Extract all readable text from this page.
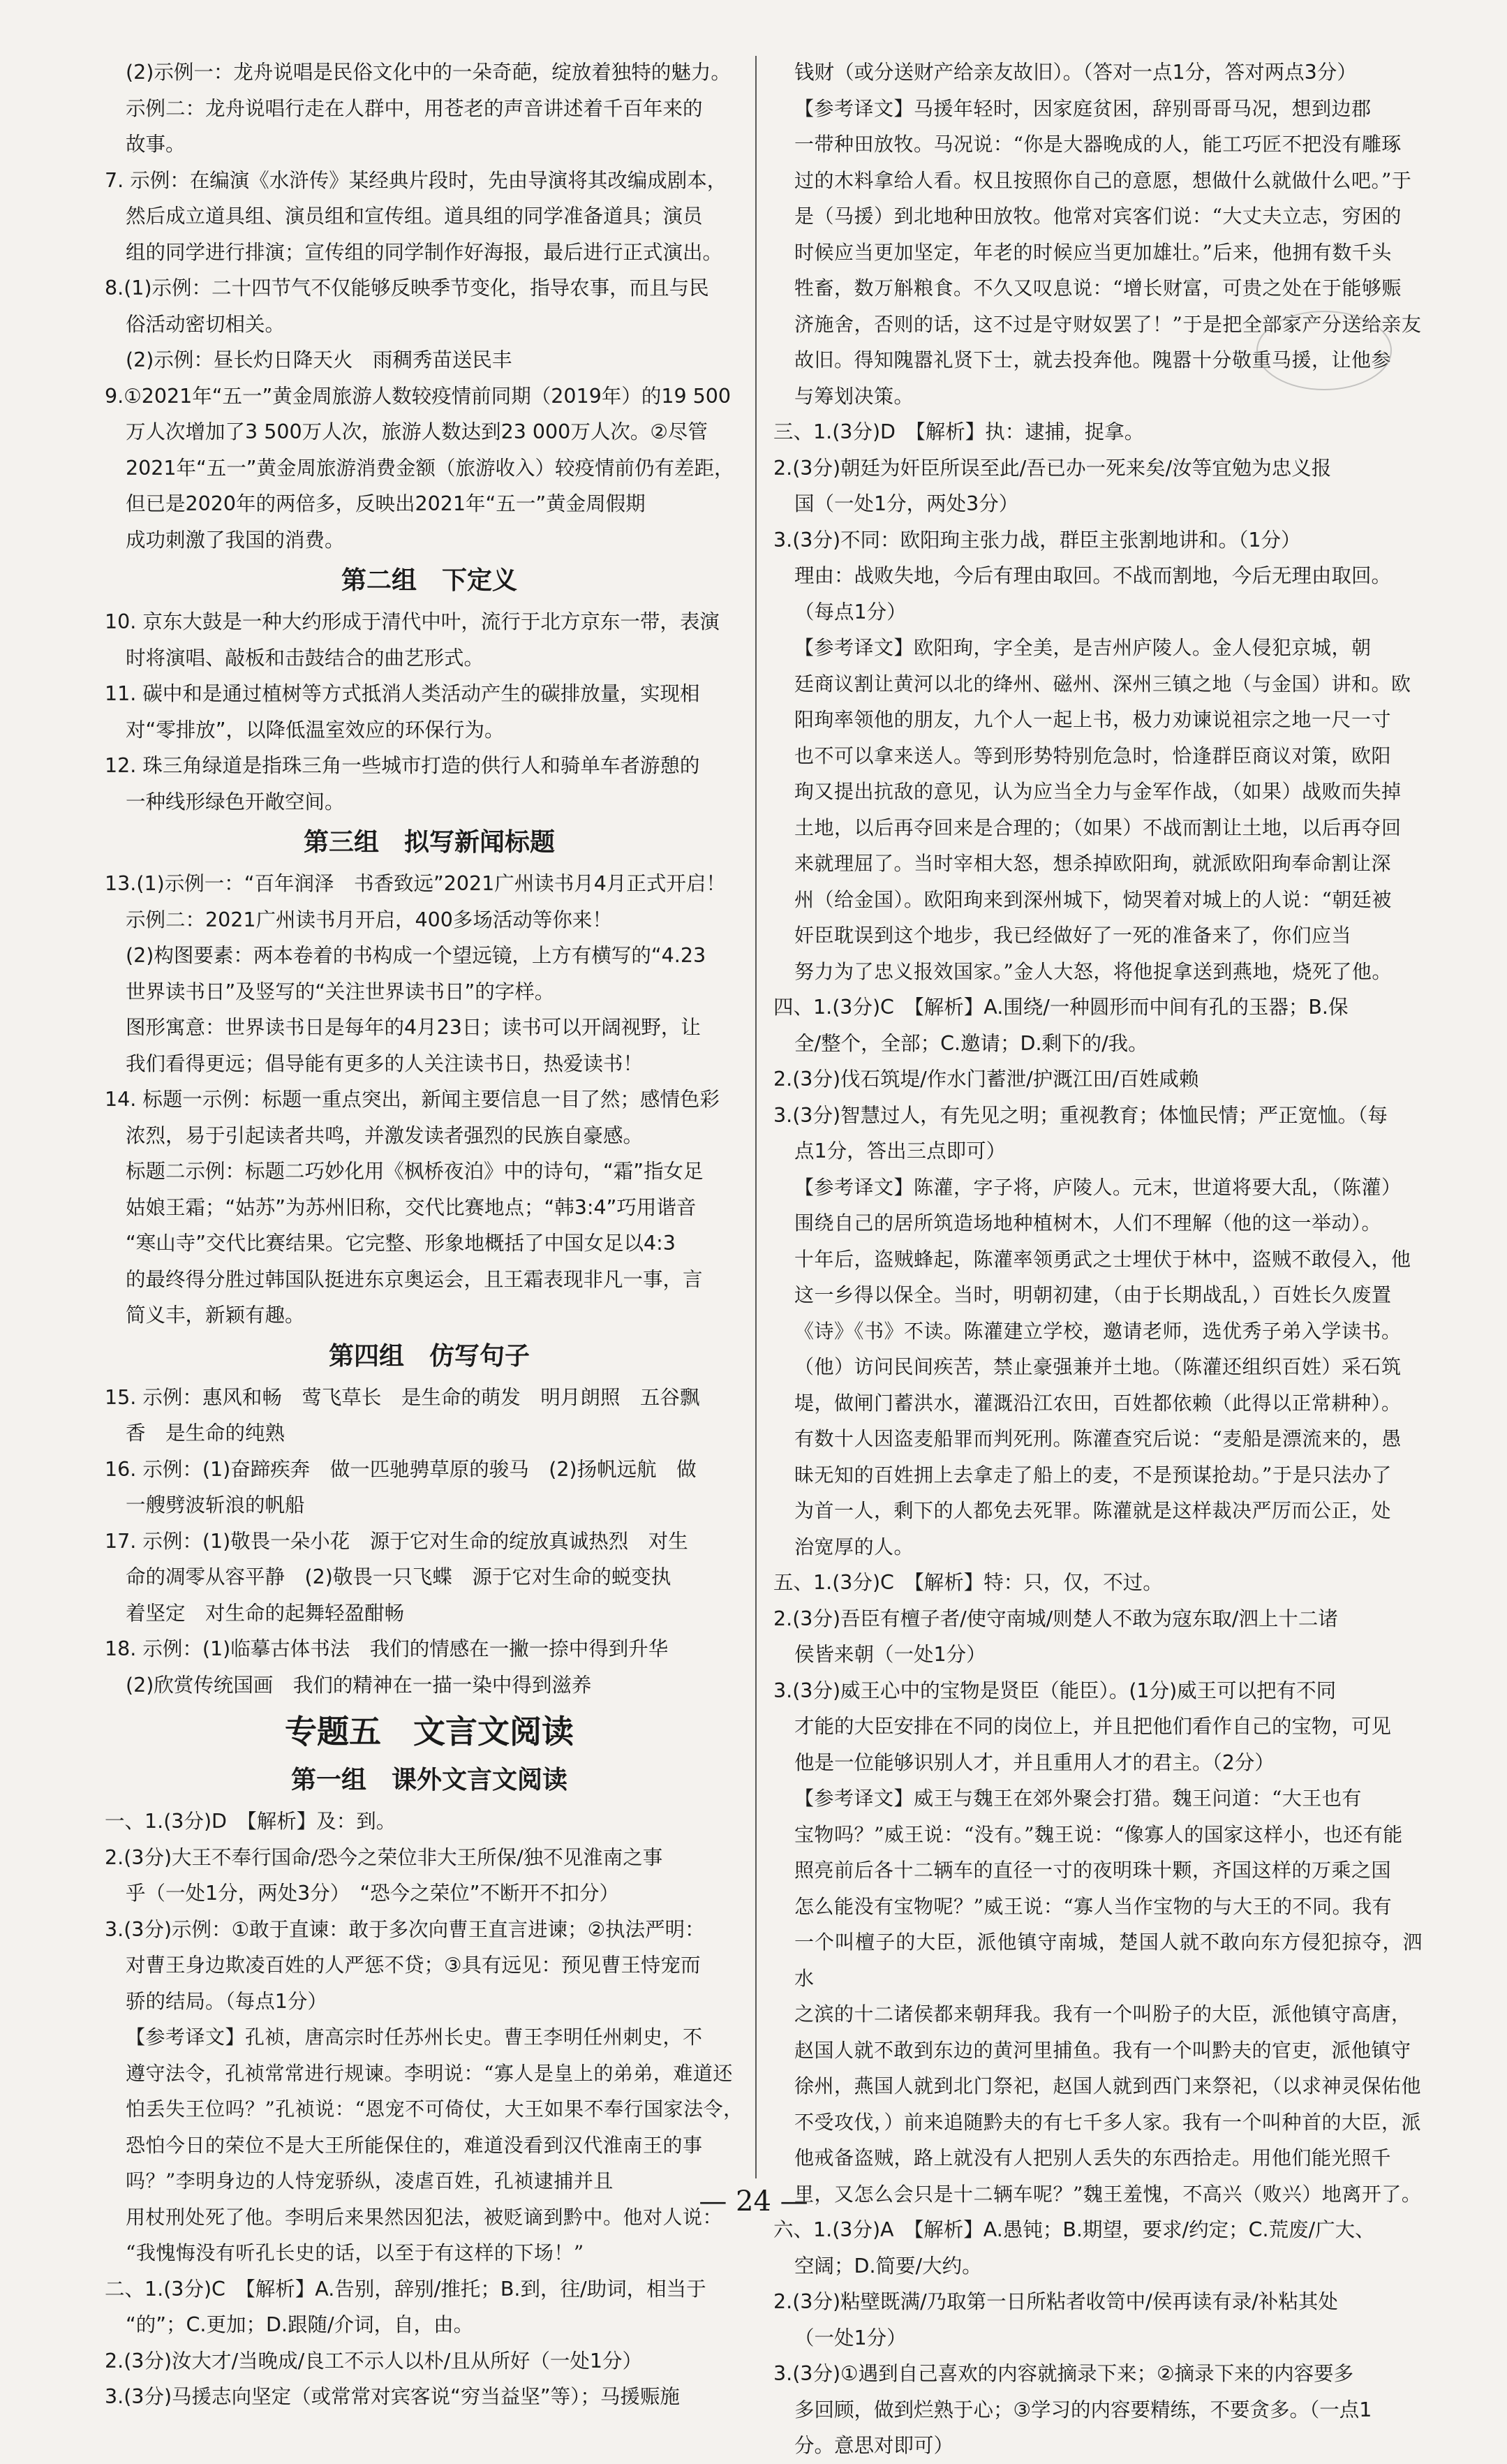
(2)示例一：龙舟说唱是民俗文化中的一朵奇葩，绽放着独特的魅力。

示例二：龙舟说唱行走在人群中，用苍老的声音讲述着千百年来的

故事。

7. 示例：在编演《水浒传》某经典片段时，先由导演将其改编成剧本，

然后成立道具组、演员组和宣传组。道具组的同学准备道具；演员

组的同学进行排演；宣传组的同学制作好海报，最后进行正式演出。

8.(1)示例：二十四节气不仅能够反映季节变化，指导农事，而且与民

俗活动密切相关。

(2)示例：昼长灼日降天火　雨稠秀苗送民丰

9.①2021年“五一”黄金周旅游人数较疫情前同期（2019年）的19 500

万人次增加了3 500万人次，旅游人数达到23 000万人次。②尽管

2021年“五一”黄金周旅游消费金额（旅游收入）较疫情前仍有差距，

但已是2020年的两倍多，反映出2021年“五一”黄金周假期

成功刺激了我国的消费。

第二组　下定义

10. 京东大鼓是一种大约形成于清代中叶，流行于北方京东一带，表演

时将演唱、敲板和击鼓结合的曲艺形式。

11. 碳中和是通过植树等方式抵消人类活动产生的碳排放量，实现相

对“零排放”，以降低温室效应的环保行为。

12. 珠三角绿道是指珠三角一些城市打造的供行人和骑单车者游憩的

一种线形绿色开敞空间。

第三组　拟写新闻标题

13.(1)示例一：“百年润泽　书香致远”2021广州读书月4月正式开启！

示例二：2021广州读书月开启，400多场活动等你来！

(2)构图要素：两本卷着的书构成一个望远镜，上方有横写的“4.23

世界读书日”及竖写的“关注世界读书日”的字样。

图形寓意：世界读书日是每年的4月23日；读书可以开阔视野，让

我们看得更远；倡导能有更多的人关注读书日，热爱读书！

14. 标题一示例：标题一重点突出，新闻主要信息一目了然；感情色彩

浓烈，易于引起读者共鸣，并激发读者强烈的民族自豪感。

标题二示例：标题二巧妙化用《枫桥夜泊》中的诗句，“霜”指女足

姑娘王霜；“姑苏”为苏州旧称，交代比赛地点；“韩3:4”巧用谐音

“寒山寺”交代比赛结果。它完整、形象地概括了中国女足以4:3

的最终得分胜过韩国队挺进东京奥运会，且王霜表现非凡一事，言

简义丰，新颖有趣。

第四组　仿写句子

15. 示例：惠风和畅　莺飞草长　是生命的萌发　明月朗照　五谷飘

香　是生命的纯熟

16. 示例：(1)奋蹄疾奔　做一匹驰骋草原的骏马　(2)扬帆远航　做

一艘劈波斩浪的帆船

17. 示例：(1)敬畏一朵小花　源于它对生命的绽放真诚热烈　对生

命的凋零从容平静　(2)敬畏一只飞蝶　源于它对生命的蜕变执

着坚定　对生命的起舞轻盈酣畅

18. 示例：(1)临摹古体书法　我们的情感在一撇一捺中得到升华

(2)欣赏传统国画　我们的精神在一描一染中得到滋养

专题五　文言文阅读

第一组　课外文言文阅读

一、1.(3分)D　【解析】及：到。

2.(3分)大王不奉行国命/恐今之荣位非大王所保/独不见淮南之事

乎（一处1分，两处3分）　“恐今之荣位”不断开不扣分）

3.(3分)示例：①敢于直谏：敢于多次向曹王直言进谏；②执法严明：

对曹王身边欺凌百姓的人严惩不贷；③具有远见：预见曹王恃宠而

骄的结局。（每点1分）

【参考译文】孔祯，唐高宗时任苏州长史。曹王李明任州刺史，不

遵守法令，孔祯常常进行规谏。李明说：“寡人是皇上的弟弟，难道还

怕丢失王位吗？”孔祯说：“恩宠不可倚仗，大王如果不奉行国家法令，

恐怕今日的荣位不是大王所能保住的，难道没看到汉代淮南王的事

吗？”李明身边的人恃宠骄纵，凌虐百姓，孔祯逮捕并且

用杖刑处死了他。李明后来果然因犯法，被贬谪到黔中。他对人说：

“我愧悔没有听孔长史的话，以至于有这样的下场！”

二、1.(3分)C　【解析】A.告别，辞别/推托；B.到，往/助词，相当于

“的”；C.更加；D.跟随/介词，自，由。

2.(3分)汝大才/当晚成/良工不示人以朴/且从所好（一处1分）

3.(3分)马援志向坚定（或常常对宾客说“穷当益坚”等）；马援赈施

钱财（或分送财产给亲友故旧）。（答对一点1分，答对两点3分）

【参考译文】马援年轻时，因家庭贫困，辞别哥哥马况，想到边郡

一带种田放牧。马况说：“你是大器晚成的人，能工巧匠不把没有雕琢

过的木料拿给人看。权且按照你自己的意愿，想做什么就做什么吧。”于

是（马援）到北地种田放牧。他常对宾客们说：“大丈夫立志，穷困的

时候应当更加坚定，年老的时候应当更加雄壮。”后来，他拥有数千头

牲畜，数万斛粮食。不久又叹息说：“增长财富，可贵之处在于能够赈

济施舍，否则的话，这不过是守财奴罢了！”于是把全部家产分送给亲友

故旧。得知隗嚣礼贤下士，就去投奔他。隗嚣十分敬重马援，让他参

与筹划决策。

三、1.(3分)D　【解析】执：逮捕，捉拿。

2.(3分)朝廷为奸臣所误至此/吾已办一死来矣/汝等宜勉为忠义报

国（一处1分，两处3分）

3.(3分)不同：欧阳珣主张力战，群臣主张割地讲和。（1分）

理由：战败失地，今后有理由取回。不战而割地，今后无理由取回。

（每点1分）

【参考译文】欧阳珣，字全美，是吉州庐陵人。金人侵犯京城，朝

廷商议割让黄河以北的绛州、磁州、深州三镇之地（与金国）讲和。欧

阳珣率领他的朋友，九个人一起上书，极力劝谏说祖宗之地一尺一寸

也不可以拿来送人。等到形势特别危急时，恰逢群臣商议对策，欧阳

珣又提出抗敌的意见，认为应当全力与金军作战，（如果）战败而失掉

土地，以后再夺回来是合理的；（如果）不战而割让土地，以后再夺回

来就理屈了。当时宰相大怒，想杀掉欧阳珣，就派欧阳珣奉命割让深

州（给金国）。欧阳珣来到深州城下，恸哭着对城上的人说：“朝廷被

奸臣耽误到这个地步，我已经做好了一死的准备来了，你们应当

努力为了忠义报效国家。”金人大怒，将他捉拿送到燕地，烧死了他。

四、1.(3分)C　【解析】A.围绕/一种圆形而中间有孔的玉器；B.保

全/整个，全部；C.邀请；D.剩下的/我。

2.(3分)伐石筑堤/作水门蓄泄/护溉江田/百姓咸赖

3.(3分)智慧过人，有先见之明；重视教育；体恤民情；严正宽恤。（每

点1分，答出三点即可）

【参考译文】陈灌，字子将，庐陵人。元末，世道将要大乱，（陈灌）

围绕自己的居所筑造场地种植树木，人们不理解（他的这一举动）。

十年后，盗贼蜂起，陈灌率领勇武之士埋伏于林中，盗贼不敢侵入，他

这一乡得以保全。当时，明朝初建，（由于长期战乱，）百姓长久废置

《诗》《书》不读。陈灌建立学校，邀请老师，选优秀子弟入学读书。

（他）访问民间疾苦，禁止豪强兼并土地。（陈灌还组织百姓）采石筑

堤，做闸门蓄洪水，灌溉沿江农田，百姓都依赖（此得以正常耕种）。

有数十人因盗麦船罪而判死刑。陈灌查究后说：“麦船是漂流来的，愚

昧无知的百姓拥上去拿走了船上的麦，不是预谋抢劫。”于是只法办了

为首一人，剩下的人都免去死罪。陈灌就是这样裁决严厉而公正，处

治宽厚的人。

五、1.(3分)C　【解析】特：只，仅，不过。

2.(3分)吾臣有檀子者/使守南城/则楚人不敢为寇东取/泗上十二诸

侯皆来朝（一处1分）

3.(3分)威王心中的宝物是贤臣（能臣）。(1分)威王可以把有不同

才能的大臣安排在不同的岗位上，并且把他们看作自己的宝物，可见

他是一位能够识别人才，并且重用人才的君主。（2分）

【参考译文】威王与魏王在郊外聚会打猎。魏王问道：“大王也有

宝物吗？”威王说：“没有。”魏王说：“像寡人的国家这样小，也还有能

照亮前后各十二辆车的直径一寸的夜明珠十颗，齐国这样的万乘之国

怎么能没有宝物呢？”威王说：“寡人当作宝物的与大王的不同。我有

一个叫檀子的大臣，派他镇守南城，楚国人就不敢向东方侵犯掠夺，泗水

之滨的十二诸侯都来朝拜我。我有一个叫肦子的大臣，派他镇守高唐，

赵国人就不敢到东边的黄河里捕鱼。我有一个叫黔夫的官吏，派他镇守

徐州，燕国人就到北门祭祀，赵国人就到西门来祭祀，（以求神灵保佑他

不受攻伐，）前来追随黔夫的有七千多人家。我有一个叫种首的大臣，派

他戒备盗贼，路上就没有人把别人丢失的东西拾走。用他们能光照千

里，又怎么会只是十二辆车呢？”魏王羞愧，不高兴（败兴）地离开了。

六、1.(3分)A　【解析】A.愚钝；B.期望，要求/约定；C.荒废/广大、

空阔；D.简要/大约。

2.(3分)粘壁既满/乃取第一日所粘者收笥中/侯再读有录/补粘其处

（一处1分）

3.(3分)①遇到自己喜欢的内容就摘录下来；②摘录下来的内容要多

多回顾，做到烂熟于心；③学习的内容要精练，不要贪多。（一点1

分。意思对即可）

— 24 —
